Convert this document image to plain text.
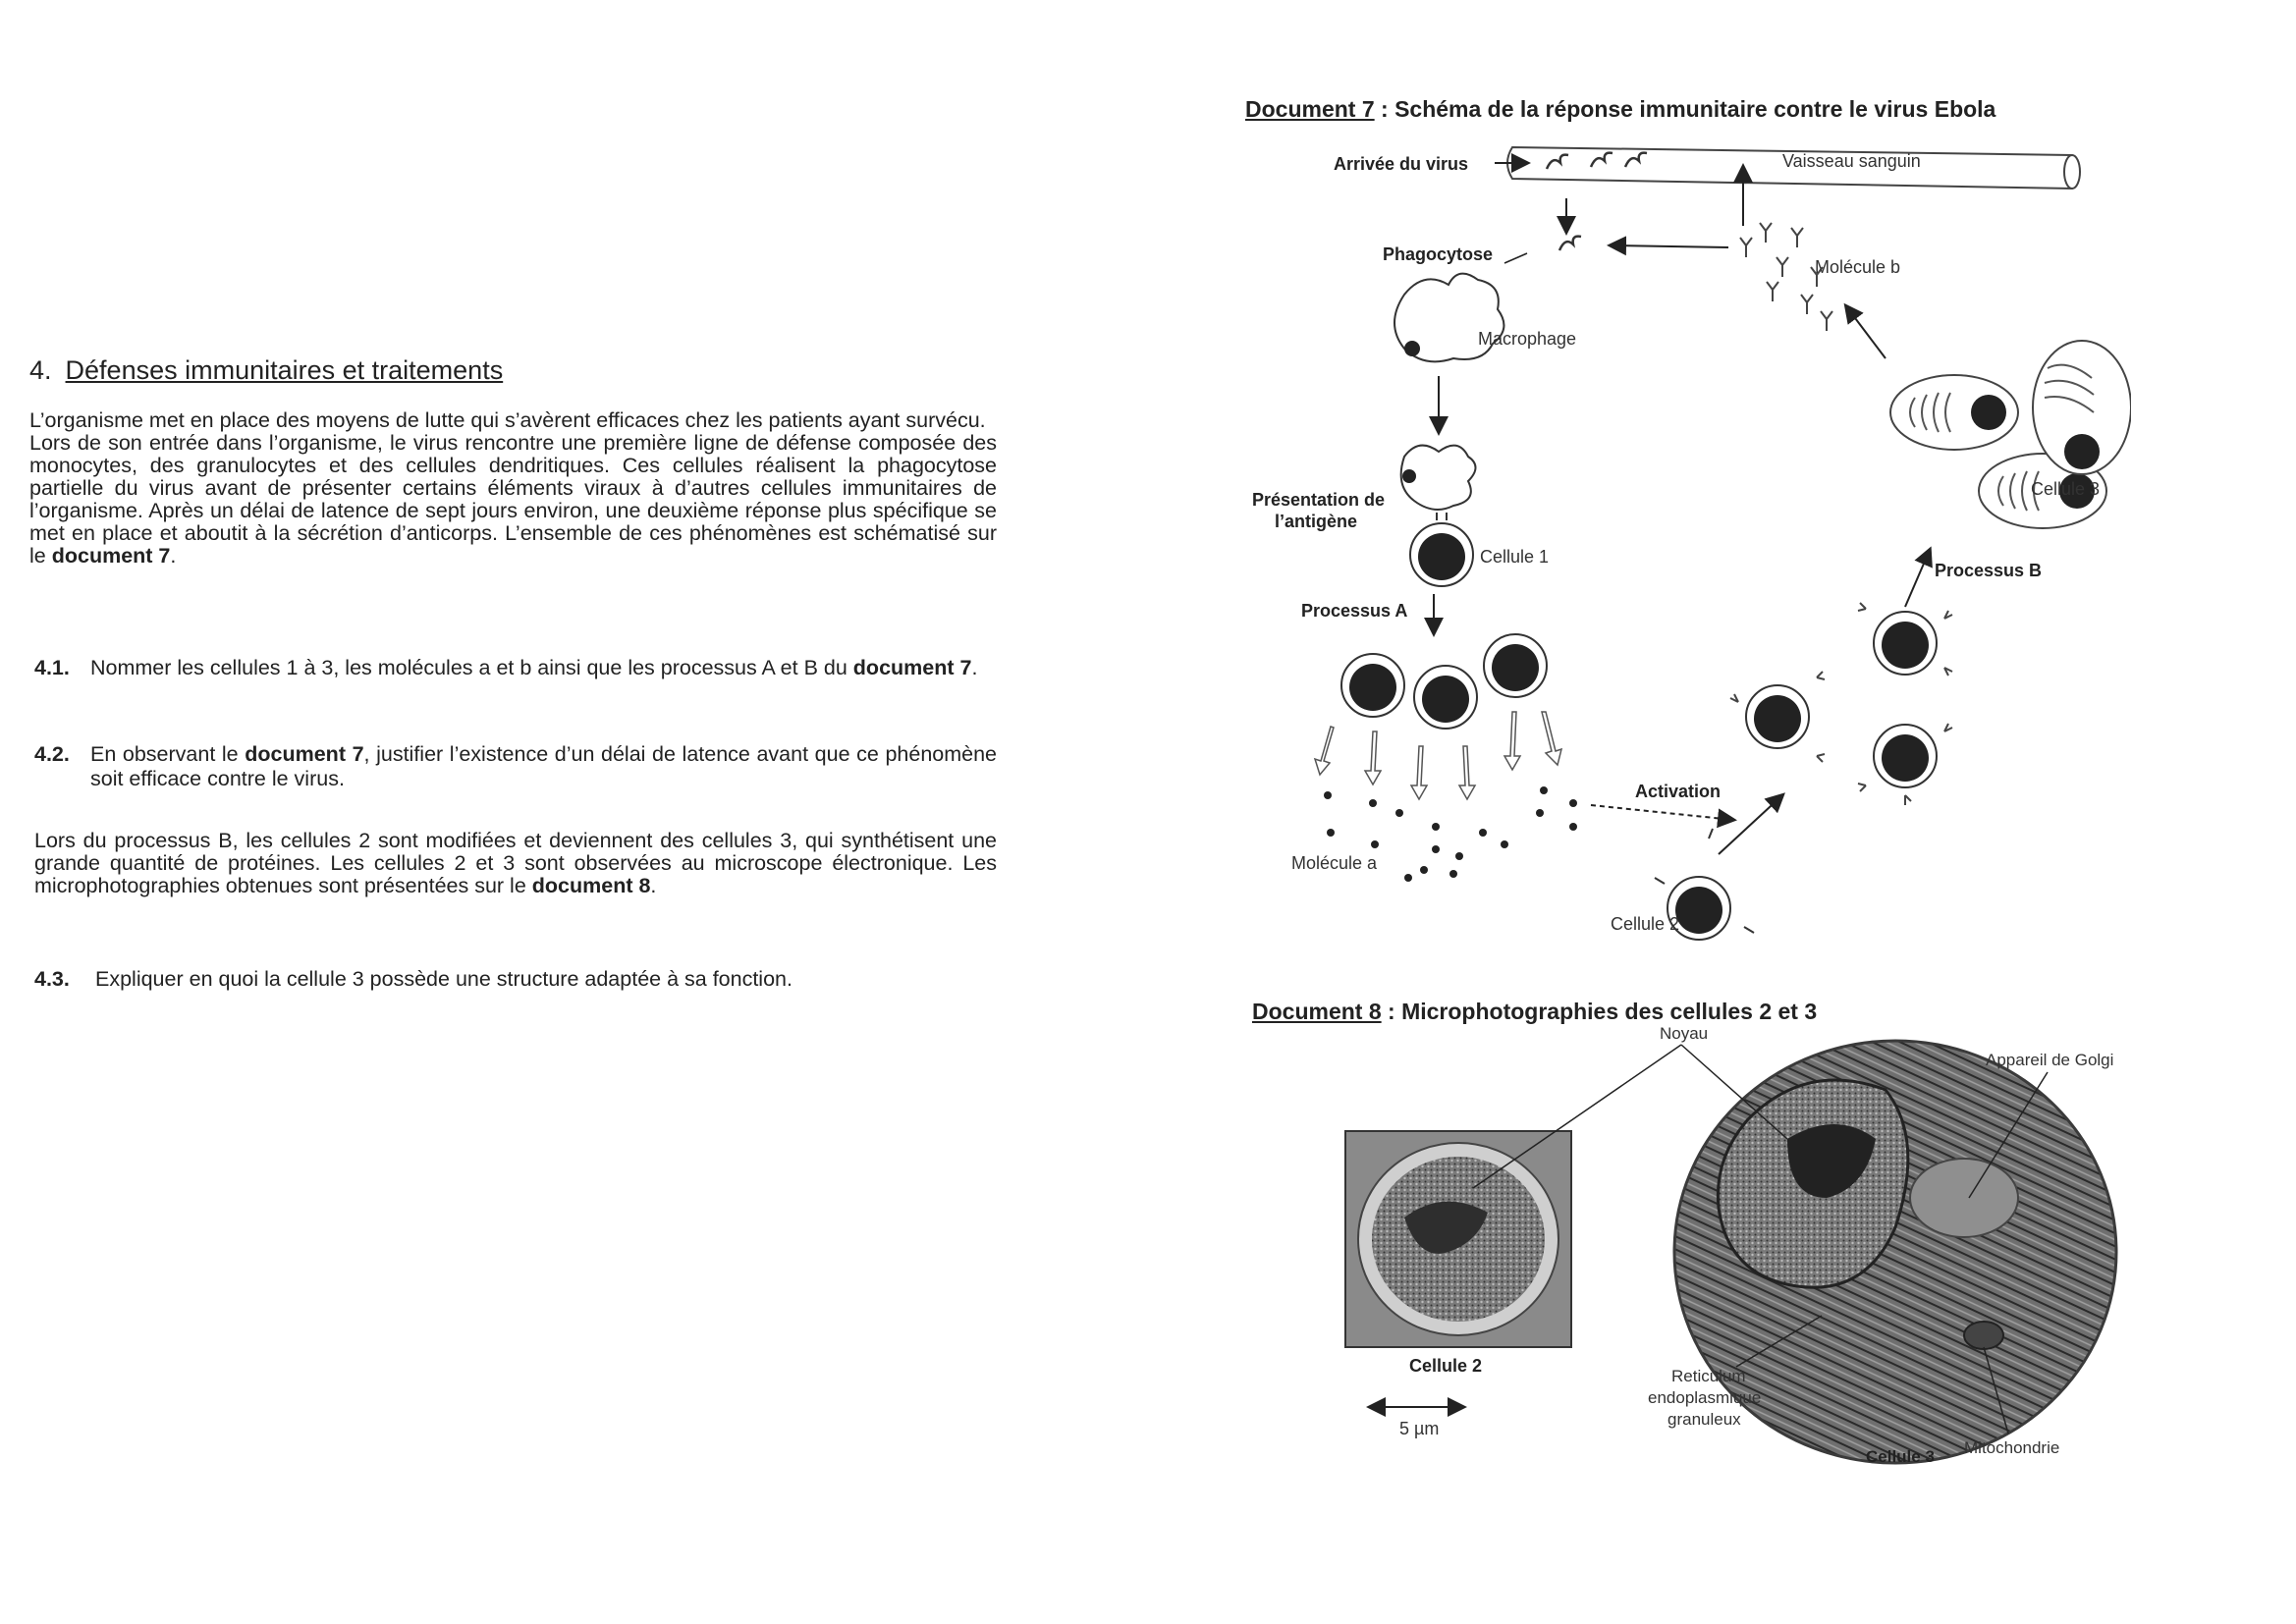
4. Défenses immunitaires et traitements

L’organisme met en place des moyens de lutte qui s’avèrent efficaces chez les patients ayant survécu.

Lors de son entrée dans l’organisme, le virus rencontre une première ligne de défense composée des monocytes, des granulocytes et des cellules dendritiques. Ces cellules réalisent la phagocytose partielle du virus avant de présenter certains éléments viraux à d’autres cellules immunitaires de l’organisme. Après un délai de latence de sept jours environ, une deuxième réponse plus spécifique se met en place et aboutit à la sécrétion d’anticorps. L’ensemble de ces phénomènes est schématisé sur le document 7.

4.1. Nommer les cellules 1 à 3, les molécules a et b ainsi que les processus A et B du document 7.
4.2. En observant le document 7, justifier l’existence d’un délai de latence avant que ce phénomène soit efficace contre le virus.

Lors du processus B, les cellules 2 sont modifiées et deviennent des cellules 3, qui synthétisent une grande quantité de protéines. Les cellules 2 et 3 sont observées au microscope électronique. Les microphotographies obtenues sont présentées sur le document 8.

4.3. Expliquer en quoi la cellule 3 possède une structure adaptée à sa fonction.
Document 7 : Schéma de la réponse immunitaire contre le virus Ebola
Vaisseau sanguin
Arrivée du virus
Molécule b
Phagocytose
Macrophage
Présentation de
l’antigène
Cellule 1
Processus A
Molécule a
Activation
Cellule 2
Processus B
Cellule 3
Document 8 : Microphotographies des cellules 2 et 3
Cellule 2
5 µm
Noyau
Appareil de Golgi
Reticulum
endoplasmique
granuleux
Cellule 3 Mitochondrie
